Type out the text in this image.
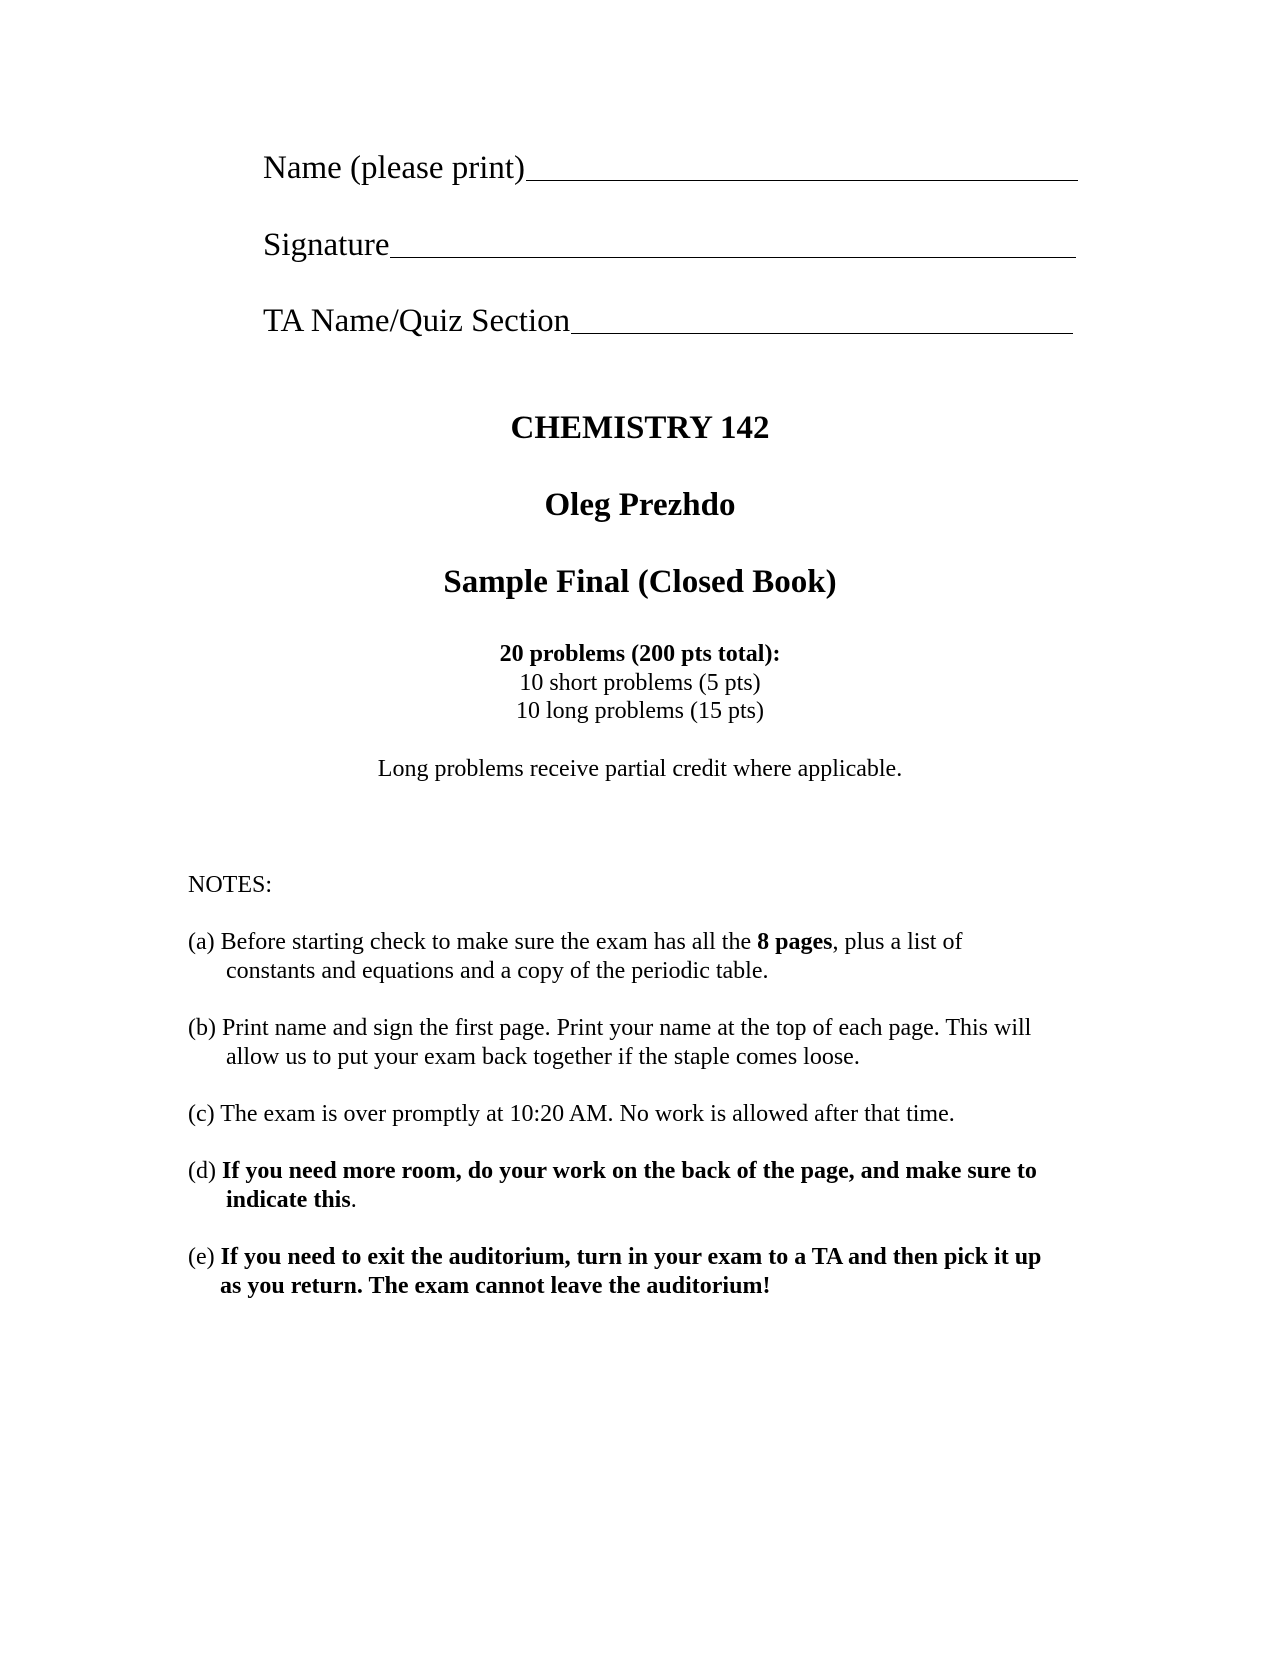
Name (please print)
Signature
TA Name/Quiz Section
CHEMISTRY 142
Oleg Prezhdo
Sample Final (Closed Book)
20 problems (200 pts total):
10 short problems (5 pts)
10 long problems (15 pts)
Long problems receive partial credit where applicable.
NOTES:
(a) Before starting check to make sure the exam has all the 8 pages, plus a list of
constants and equations and a copy of the periodic table.
(b) Print name and sign the first page. Print your name at the top of each page. This will
allow us to put your exam back together if the staple comes loose.
(c) The exam is over promptly at 10:20 AM. No work is allowed after that time.
(d) If you need more room, do your work on the back of the page, and make sure to
indicate this.
(e) If you need to exit the auditorium, turn in your exam to a TA and then pick it up
as you return. The exam cannot leave the auditorium!
